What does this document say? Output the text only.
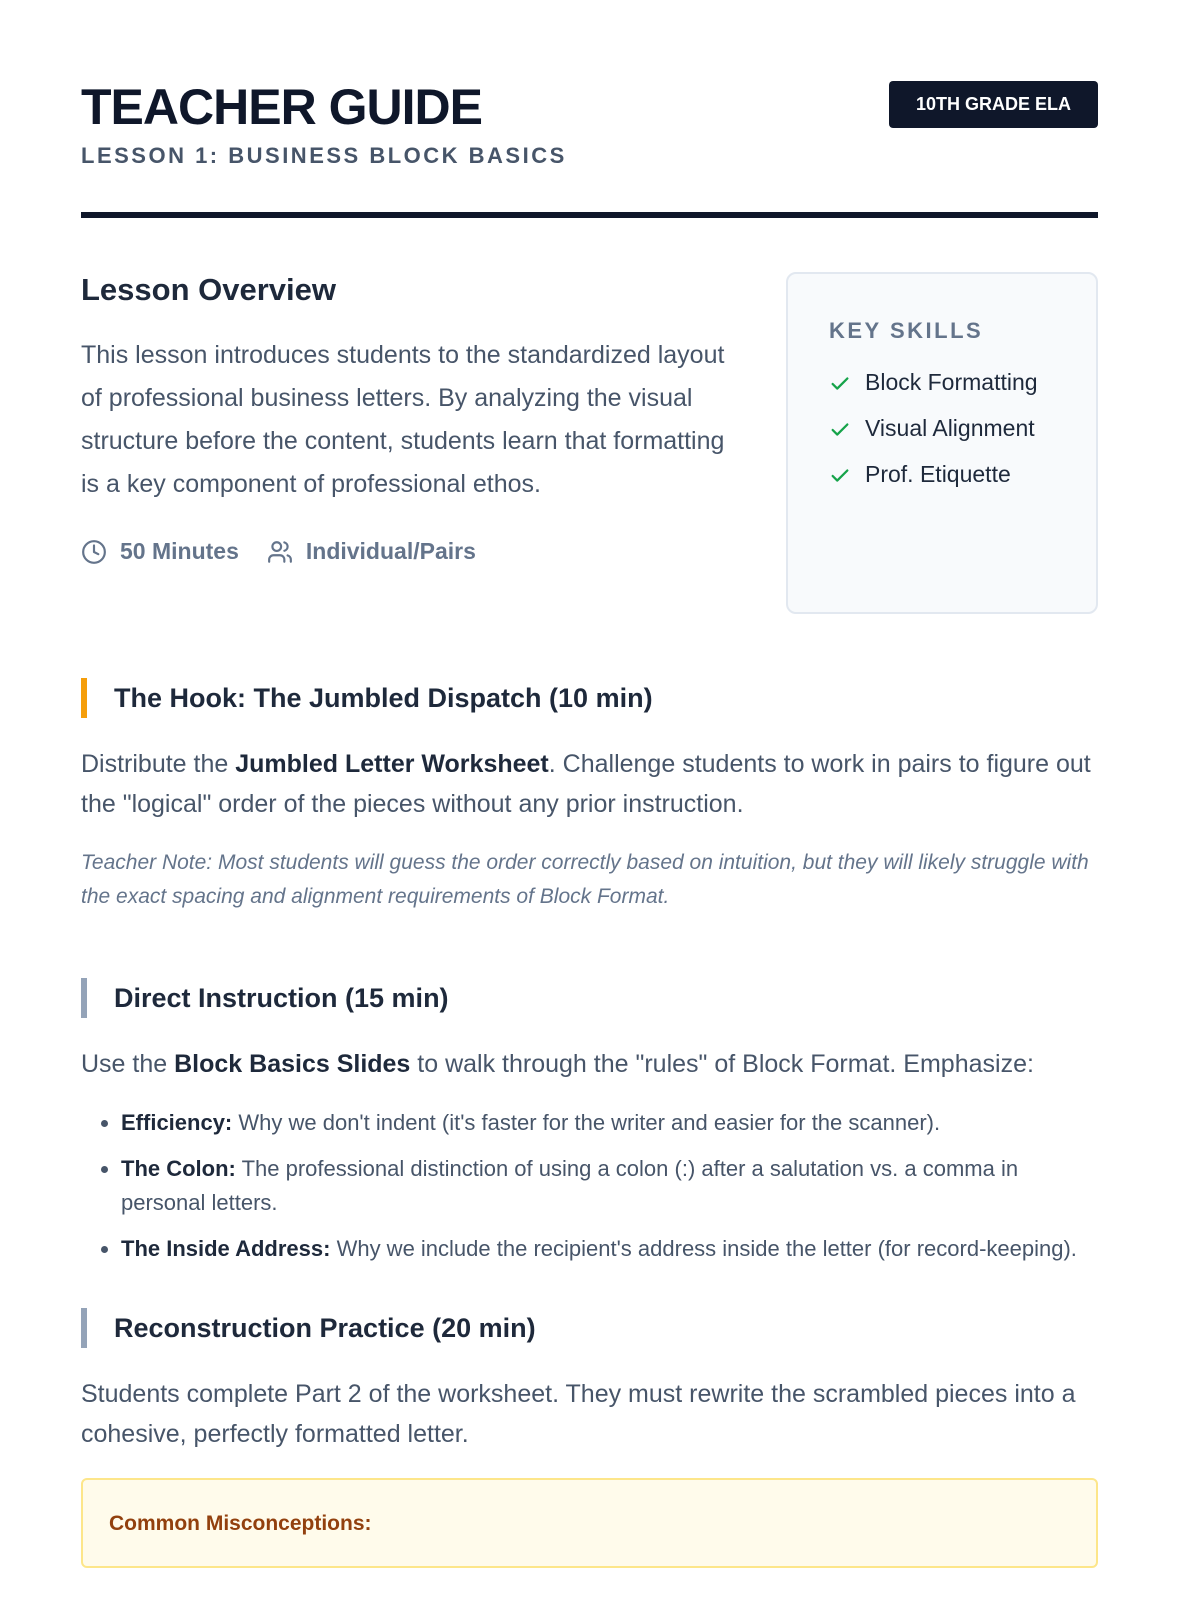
TEACHER GUIDE
LESSON 1: BUSINESS BLOCK BASICS
10TH GRADE ELA
Lesson Overview
This lesson introduces students to the standardized layout of professional business letters. By analyzing the visual structure before the content, students learn that formatting is a key component of professional ethos.
50 Minutes	Individual/Pairs
KEY SKILLS
Block Formatting
Visual Alignment
Prof. Etiquette
The Hook: The Jumbled Dispatch (10 min)
Distribute the Jumbled Letter Worksheet. Challenge students to work in pairs to figure out the "logical" order of the pieces without any prior instruction.
Teacher Note: Most students will guess the order correctly based on intuition, but they will likely struggle with the exact spacing and alignment requirements of Block Format.
Direct Instruction (15 min)
Use the Block Basics Slides to walk through the "rules" of Block Format. Emphasize:
• Efficiency: Why we don't indent (it's faster for the writer and easier for the scanner).
• The Colon: The professional distinction of using a colon (:) after a salutation vs. a comma in personal letters.
• The Inside Address: Why we include the recipient's address inside the letter (for record-keeping).
Reconstruction Practice (20 min)
Students complete Part 2 of the worksheet. They must rewrite the scrambled pieces into a cohesive, perfectly formatted letter.
Common Misconceptions:
